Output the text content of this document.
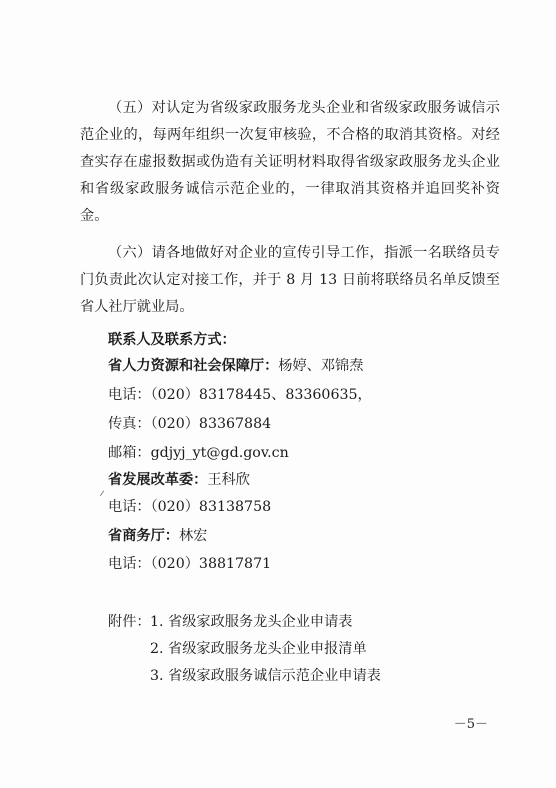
（五）对认定为省级家政服务龙头企业和省级家政服务诚信示范企业的，每两年组织一次复审核验，不合格的取消其资格。对经查实存在虚报数据或伪造有关证明材料取得省级家政服务龙头企业和省级家政服务诚信示范企业的，一律取消其资格并追回奖补资金。

（六）请各地做好对企业的宣传引导工作，指派一名联络员专门负责此次认定对接工作，并于 8 月 13 日前将联络员名单反馈至省人社厅就业局。

联系人及联系方式：

省人力资源和社会保障厅：杨婷、邓锦焘

电话：（020）83178445、83360635，

传真：（020）83367884

邮箱：gdjyj_yt@gd.gov.cn

省发展改革委：王科欣

电话：（020）83138758

省商务厅：林宏

电话：（020）38817871

附件： 1. 省级家政服务龙头企业申请表

2. 省级家政服务龙头企业申报清单

3. 省级家政服务诚信示范企业申请表

－5－
